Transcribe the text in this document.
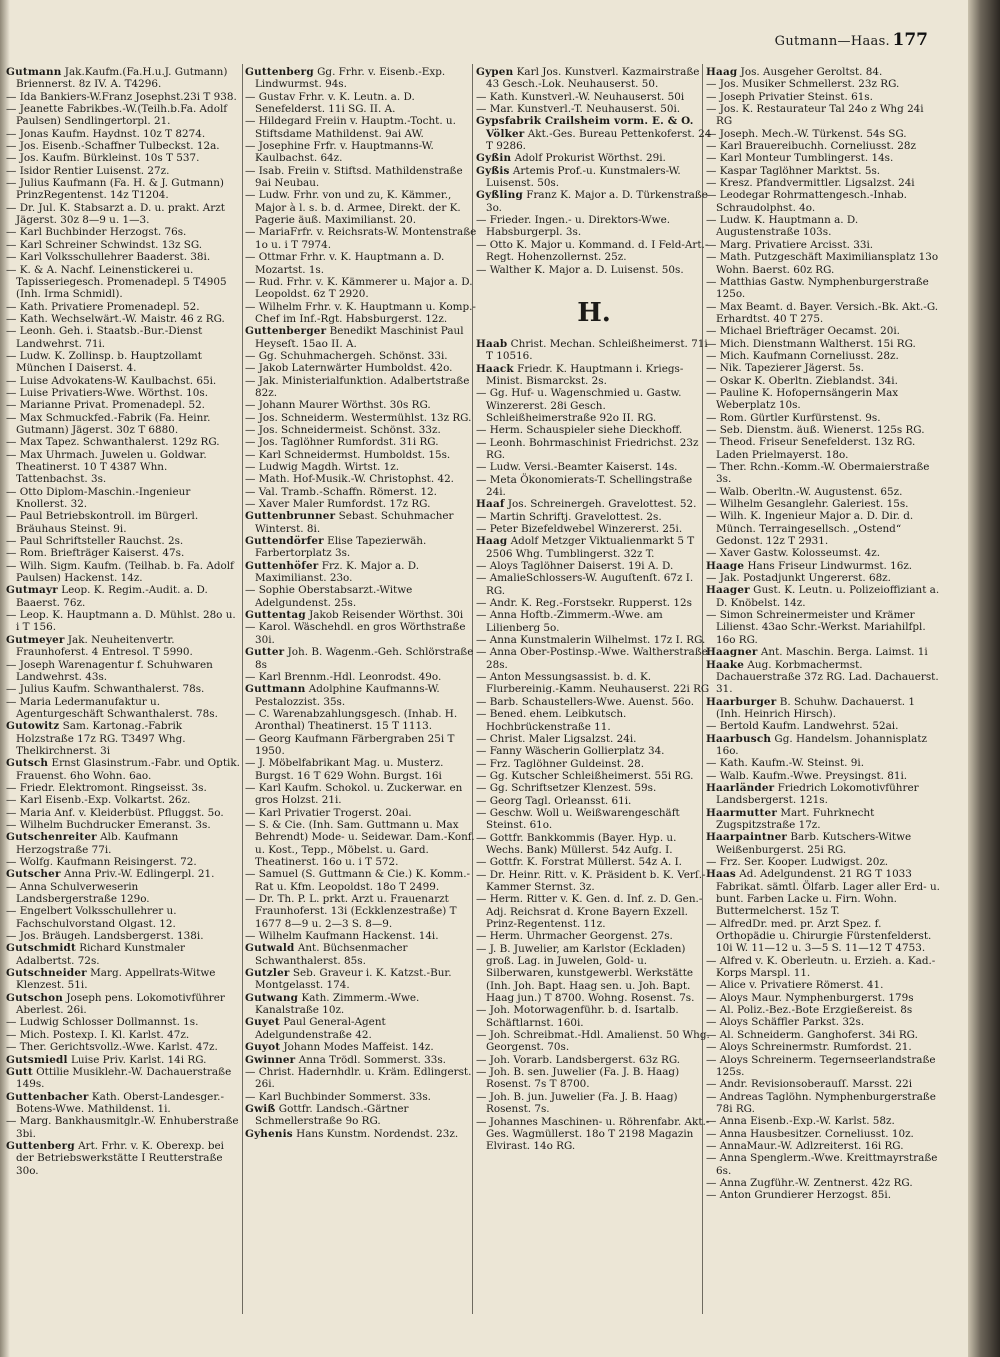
Gutmann—Haas. 177

Gutmann Jak.Kaufm.(Fa.H.u.J. Gutmann) Briennerst. 8z IV. A. T4296.

— Ida Bankiers-W.Franz Josephst.23i T 938.

— Jeanette Fabrikbes.-W.(Teilh.b.Fa. Adolf Paulsen) Sendlingertorpl. 21.

— Jonas Kaufm. Haydnst. 10z T 8274.

— Jos. Eisenb.-Schaffner Tulbeckst. 12a.

— Jos. Kaufm. Bürkleinst. 10s T 537.

— Isidor Rentier Luisenst. 27z.

— Julius Kaufmann (Fa. H. & J. Gutmann) PrinzRegentenst. 14z T1204.

— Dr. Jul. K. Stabsarzt a. D. u. prakt. Arzt Jägerst. 30z 8—9 u. 1—3.

— Karl Buchbinder Herzogst. 76s.

— Karl Schreiner Schwindst. 13z SG.

— Karl Volksschullehrer Baaderst. 38i.

— K. & A. Nachf. Leinenstickerei u. Tapisseriegesch. Promenadepl. 5 T4905 (Inh. Irma Schmidl).

— Kath. Privatiere Promenadepl. 52.

— Kath. Wechselwärt.-W. Maistr. 46 z RG.

— Leonh. Geh. i. Staatsb.-Bur.-Dienst Landwehrst. 71i.

— Ludw. K. Zollinsp. b. Hauptzollamt München I Daiserst. 4.

— Luise Advokatens-W. Kaulbachst. 65i.

— Luise Privatiers-Wwe. Wörthst. 10s.

— Marianne Privat. Promenadepl. 52.

— Max Schmuckfed.-Fabrik (Fa. Heinr. Gutmann) Jägerst. 30z T 6880.

— Max Tapez. Schwanthalerst. 129z RG.

— Max Uhrmach. Juwelen u. Goldwar. Theatinerst. 10 T 4387 Whn. Tattenbachst. 3s.

— Otto Diplom-Maschin.-Ingenieur Knollerst. 32.

— Paul Betriebskontroll. im Bürgerl. Bräuhaus Steinst. 9i.

— Paul Schriftsteller Rauchst. 2s.

— Rom. Briefträger Kaiserst. 47s.

— Wilh. Sigm. Kaufm. (Teilhab. b. Fa. Adolf Paulsen) Hackenst. 14z.

Gutmayr Leop. K. Regim.-Audit. a. D. Baaerst. 76z.

— Leop. K. Hauptmann a. D. Mühlst. 28o u. i T 156.

Gutmeyer Jak. Neuheitenvertr. Fraunhoferst. 4 Entresol. T 5990.

— Joseph Warenagentur f. Schuhwaren Landwehrst. 43s.

— Julius Kaufm. Schwanthalerst. 78s.

— Maria Ledermanufaktur u. Agenturgeschäft Schwanthalerst. 78s.

Gutowitz Sam. Kartonag.-Fabrik Holzstraße 17z RG. T3497 Whg. Thelkirchnerst. 3i

Gutsch Ernst Glasinstrum.-Fabr. und Optik. Frauenst. 6ho Wohn. 6ao.

— Friedr. Elektromont. Ringseisst. 3s.

— Karl Eisenb.-Exp. Volkartst. 26z.

— Maria Anf. v. Kleiderbüst. Pfluggst. 5o.

— Wilhelm Buchdrucker Emeranst. 3s.

Gutschenreiter Alb. Kaufmann Herzogstraße 77i.

— Wolfg. Kaufmann Reisingerst. 72.

Gutscher Anna Priv.-W. Edlingerpl. 21.

— Anna Schulverweserin Landsbergerstraße 129o.

— Engelbert Volksschullehrer u. Fachschulvorstand Olgast. 12.

— Jos. Bräugeh. Landsbergerst. 138i.

Gutschmidt Richard Kunstmaler Adalbertst. 72s.

Gutschneider Marg. Appellrats-Witwe Klenzest. 51i.

Gutschon Joseph pens. Lokomotivführer Aberlest. 26i.

— Ludwig Schlosser Dollmannst. 1s.

— Mich. Postexp. I. Kl. Karlst. 47z.

— Ther. Gerichtsvollz.-Wwe. Karlst. 47z.

Gutsmiedl Luise Priv. Karlst. 14i RG.

Gutt Ottilie Musiklehr.-W. Dachauerstraße 149s.

Guttenbacher Kath. Oberst-Landesger.-Botens-Wwe. Mathildenst. 1i.

— Marg. Bankhausmitglr.-W. Enhuberstraße 3bi.

Guttenberg Art. Frhr. v. K. Oberexp. bei der Betriebswerkstätte I Reutterstraße 30o.

Guttenberg Gg. Frhr. v. Eisenb.-Exp. Lindwurmst. 94s.

— Gustav Frhr. v. K. Leutn. a. D. Senefelderst. 11i SG. II. A.

— Hildegard Freiin v. Hauptm.-Tocht. u. Stiftsdame Mathildenst. 9ai AW.

— Josephine Frfr. v. Hauptmanns-W. Kaulbachst. 64z.

— Isab. Freiin v. Stiftsd. Mathildenstraße 9ai Neubau.

— Ludw. Frhr. von und zu, K. Kämmer., Major à l. s. b. d. Armee, Direkt. der K. Pagerie äuß. Maximilianst. 20.

— MariaFrfr. v. Reichsrats-W. Montenstraße 1o u. i T 7974.

— Ottmar Frhr. v. K. Hauptmann a. D. Mozartst. 1s.

— Rud. Frhr. v. K. Kämmerer u. Major a. D. Leopoldst. 6z T 2920.

— Wilhelm Frhr. v. K. Hauptmann u. Komp.-Chef im Inf.-Rgt. Habsburgerst. 12z.

Guttenberger Benedikt Maschinist Paul Heyseſt. 15ao II. A.

— Gg. Schuhmachergeh. Schönst. 33i.

— Jakob Laternwärter Humboldst. 42o.

— Jak. Ministerialfunktion. Adalbertstraße 82z.

— Johann Maurer Wörthst. 30s RG.

— Jos. Schneiderm. Westermühlst. 13z RG.

— Jos. Schneidermeist. Schönst. 33z.

— Jos. Taglöhner Rumfordst. 31i RG.

— Karl Schneidermst. Humboldst. 15s.

— Ludwig Magdh. Wirtst. 1z.

— Math. Hof-Musik.-W. Christophst. 42.

— Val. Tramb.-Schaffn. Römerst. 12.

— Xaver Maler Rumfordst. 17z RG.

Guttenbrunner Sebast. Schuhmacher Winterst. 8i.

Guttendörfer Elise Tapezierwäh. Farbertorplatz 3s.

Guttenhöfer Frz. K. Major a. D. Maximilianst. 23o.

— Sophie Oberstabsarzt.-Witwe Adelgundenst. 25s.

Guttentag Jakob Reisender Wörthst. 30i

— Karol. Wäschehdl. en gros Wörthstraße 30i.

Gutter Joh. B. Wagenm.-Geh. Schlörstraße 8s

— Karl Brennm.-Hdl. Leonrodst. 49o.

Guttmann Adolphine Kaufmanns-W. Pestalozzist. 35s.

— C. Warenabzahlungsgesch. (Inhab. H. Aronthal) Theatinerst. 15 T 1113.

— Georg Kaufmann Färbergraben 25i T 1950.

— J. Möbelfabrikant Mag. u. Musterz. Burgst. 16 T 629 Wohn. Burgst. 16i

— Karl Kaufm. Schokol. u. Zuckerwar. en gros Holzst. 21i.

— Karl Privatier Trogerst. 20ai.

— S. & Cie. (Inh. Sam. Guttmann u. Max Behrendt) Mode- u. Seidewar. Dam.-Konf. u. Kost., Tepp., Möbelst. u. Gard. Theatinerst. 16o u. i T 572.

— Samuel (S. Guttmann & Cie.) K. Komm.-Rat u. Kfm. Leopoldst. 18o T 2499.

— Dr. Th. P. L. prkt. Arzt u. Frauenarzt Fraunhoferst. 13i (Eckklenzestraße) T 1677 8—9 u. 2—3 S. 8—9.

— Wilhelm Kaufmann Hackenst. 14i.

Gutwald Ant. Büchsenmacher Schwanthalerst. 85s.

Gutzler Seb. Graveur i. K. Katzst.-Bur. Montgelasst. 174.

Gutwang Kath. Zimmerm.-Wwe. Kanalstraße 10z.

Guyet Paul General-Agent Adelgundenstraße 42.

Guyot Johann Modes Maffeist. 14z.

Gwinner Anna Trödl. Sommerst. 33s.

— Christ. Hadernhdlr. u. Kräm. Edlingerst. 26i.

— Karl Buchbinder Sommerst. 33s.

Gwiß Gottfr. Landsch.-Gärtner Schmellerstraße 9o RG.

Gyhenis Hans Kunstm. Nordendst. 23z.

Gypen Karl Jos. Kunstverl. Kazmairstraße 43 Gesch.-Lok. Neuhauserst. 50.

— Kath. Kunstverl.-W. Neuhauserst. 50i

— Mar. Kunstverl.-T. Neuhauserst. 50i.

Gypsfabrik Crailsheim vorm. E. & O. Völker Akt.-Ges. Bureau Pettenkoferst. 24 T 9286.

Gyßin Adolf Prokurist Wörthst. 29i.

Gyßis Artemis Prof.-u. Kunstmalers-W. Luisenst. 50s.

Gyßling Franz K. Major a. D. Türkenstraße 3o.

— Frieder. Ingen.- u. Direktors-Wwe. Habsburgerpl. 3s.

— Otto K. Major u. Kommand. d. I Feld-Art.-Regt. Hohenzollernst. 25z.

— Walther K. Major a. D. Luisenst. 50s.

H.

Haab Christ. Mechan. Schleißheimerst. 71i T 10516.

Haack Friedr. K. Hauptmann i. Kriegs-Minist. Bismarckst. 2s.

— Gg. Huf- u. Wagenschmied u. Gastw. Winzererst. 28i Gesch. Schleißheimerstraße 92o II. RG.

— Herm. Schauspieler siehe Dieckhoff.

— Leonh. Bohrmaschinist Friedrichst. 23z RG.

— Ludw. Versi.-Beamter Kaiserst. 14s.

— Meta Ökonomierats-T. Schellingstraße 24i.

Haaf Jos. Schreinergeh. Gravelottest. 52.

— Martin Schriftj. Gravelottest. 2s.

— Peter Bizefeldwebel Winzererst. 25i.

Haag Adolf Metzger Viktualienmarkt 5 T 2506 Whg. Tumblingerst. 32z T.

— Aloys Taglöhner Daiserst. 19i A. D.

— AmalieSchlossers-W. Auguſtenſt. 67z I. RG.

— Andr. K. Reg.-Forstsekr. Rupperst. 12s

— Anna Hoftb.-Zimmerm.-Wwe. am Lilienberg 5o.

— Anna Kunstmalerin Wilhelmst. 17z I. RG.

— Anna Ober-Postinsp.-Wwe. Waltherstraße 28s.

— Anton Messungsassist. b. d. K. Flurbereinig.-Kamm. Neuhauserst. 22i RG

— Barb. Schaustellers-Wwe. Auenst. 56o.

— Bened. ehem. Leibkutsch. Hochbrückenstraße 11.

— Christ. Maler Ligsalzst. 24i.

— Fanny Wäscherin Gollierplatz 34.

— Frz. Taglöhner Guldeinst. 28.

— Gg. Kutscher Schleißheimerst. 55i RG.

— Gg. Schriftsetzer Klenzest. 59s.

— Georg Tagl. Orleansst. 61i.

— Geschw. Woll u. Weißwarengeschäft Steinst. 61o.

— Gottfr. Bankkommis (Bayer. Hyp. u. Wechs. Bank) Müllerst. 54z Aufg. I.

— Gottfr. K. Forstrat Müllerst. 54z A. I.

— Dr. Heinr. Ritt. v. K. Präsident b. K. Verſ.-Kammer Sternst. 3z.

— Herm. Ritter v. K. Gen. d. Inf. z. D. Gen.-Adj. Reichsrat d. Krone Bayern Exzell. Prinz-Regentenst. 11z.

— Herm. Uhrmacher Georgenst. 27s.

— J. B. Juwelier, am Karlstor (Eckladen) groß. Lag. in Juwelen, Gold- u. Silberwaren, kunstgewerbl. Werkstätte (Inh. Joh. Bapt. Haag sen. u. Joh. Bapt. Haag jun.) T 8700. Wohng. Rosenst. 7s.

— Joh. Motorwagenführ. b. d. Isartalb. Schäftlarnst. 160i.

— Joh. Schreibmat.-Hdl. Amalienst. 50 Whg. Georgenst. 70s.

— Joh. Vorarb. Landsbergerst. 63z RG.

— Joh. B. sen. Juwelier (Fa. J. B. Haag) Rosenst. 7s T 8700.

— Joh. B. jun. Juwelier (Fa. J. B. Haag) Rosenst. 7s.

— Johannes Maschinen- u. Röhrenfabr. Akt.-Ges. Wagmüllerst. 18o T 2198 Magazin Elvirast. 14o RG.

Haag Jos. Ausgeher Geroltst. 84.

— Jos. Musiker Schmellerst. 23z RG.

— Joseph Privatier Steinst. 61s.

— Jos. K. Restaurateur Tal 24o z Whg 24i RG

— Joseph. Mech.-W. Türkenst. 54s SG.

— Karl Brauereibuchh. Corneliusst. 28z

— Karl Monteur Tumblingerst. 14s.

— Kaspar Taglöhner Marktst. 5s.

— Kresz. Pfandvermittler. Ligsalzst. 24i

— Leodegar Rohrmattengesch.-Inhab. Schraudolphst. 4o.

— Ludw. K. Hauptmann a. D. Augustenstraße 103s.

— Marg. Privatiere Arcisst. 33i.

— Math. Putzgeschäft Maximiliansplatz 13o Wohn. Baerst. 60z RG.

— Matthias Gastw. Nymphenburgerstraße 125o.

— Max Beamt. d. Bayer. Versich.-Bk. Akt.-G. Erhardtst. 40 T 275.

— Michael Briefträger Oecamst. 20i.

— Mich. Dienstmann Waltherst. 15i RG.

— Mich. Kaufmann Corneliusst. 28z.

— Nik. Tapezierer Jägerst. 5s.

— Oskar K. Oberltn. Zieblandst. 34i.

— Pauline K. Hofopernsängerin Max Weberplatz 10s.

— Rom. Gürtler Kurfürstenst. 9s.

— Seb. Dienstm. äuß. Wienerst. 125s RG.

— Theod. Friseur Senefelderst. 13z RG. Laden Prielmayerst. 18o.

— Ther. Rchn.-Komm.-W. Obermaierstraße 3s.

— Walb. Oberltn.-W. Augustenst. 65z.

— Wilhelm Gesanglehr. Galeriest. 15s.

— Wilh. K. Ingenieur Major a. D. Dir. d. Münch. Terraingesellsch. „Ostend“ Gedonst. 12z T 2931.

— Xaver Gastw. Kolosseumst. 4z.

Haage Hans Friseur Lindwurmst. 16z.

— Jak. Postadjunkt Ungererst. 68z.

Haager Gust. K. Leutn. u. Polizeioffiziant a. D. Knöbelst. 14z.

— Simon Schreinermeister und Krämer Lilienst. 43ao Schr.-Werkst. Mariahilfpl. 16o RG.

Haagner Ant. Maschin. Berga. Laimst. 1i

Haake Aug. Korbmachermst. Dachauerstraße 37z RG. Lad. Dachauerst. 31.

Haarburger B. Schuhw. Dachauerst. 1 (Inh. Heinrich Hirsch).

— Bertold Kaufm. Landwehrst. 52ai.

Haarbusch Gg. Handelsm. Johannisplatz 16o.

— Kath. Kaufm.-W. Steinst. 9i.

— Walb. Kaufm.-Wwe. Preysingst. 81i.

Haarländer Friedrich Lokomotivführer Landsbergerst. 121s.

Haarmutter Mart. Fuhrknecht Zugspitzstraße 17z.

Haarpaintner Barb. Kutschers-Witwe Weißenburgerst. 25i RG.

— Frz. Ser. Kooper. Ludwigst. 20z.

Haas Ad. Adelgundenst. 21 RG T 1033 Fabrikat. sämtl. Ölfarb. Lager aller Erd- u. bunt. Farben Lacke u. Firn. Wohn. Buttermelcherst. 15z T.

— AlfredDr. med. pr. Arzt Spez. f. Orthopädie u. Chirurgie Fürstenfelderst. 10i W. 11—12 u. 3—5 S. 11—12 T 4753.

— Alfred v. K. Oberleutn. u. Erzieh. a. Kad.-Korps Marspl. 11.

— Alice v. Privatiere Römerst. 41.

— Aloys Maur. Nymphenburgerst. 179s

— Al. Poliz.-Bez.-Bote Erzgießereist. 8s

— Aloys Schäffler Parkst. 32s.

— Al. Schneiderm. Ganghoferst. 34i RG.

— Aloys Schreinermstr. Rumfordst. 21.

— Aloys Schreinerm. Tegernseerlandstraße 125s.

— Andr. Revisionsoberauſſ. Marsst. 22i

— Andreas Taglöhn. Nymphenburgerstraße 78i RG.

— Anna Eisenb.-Exp.-W. Karlst. 58z.

— Anna Hausbesitzer. Corneliusst. 10z.

— AnnaMaur.-W. Adlzreiterst. 16i RG.

— Anna Spenglerm.-Wwe. Kreittmayrstraße 6s.

— Anna Zugführ.-W. Zentnerst. 42z RG.

— Anton Grundierer Herzogst. 85i.
